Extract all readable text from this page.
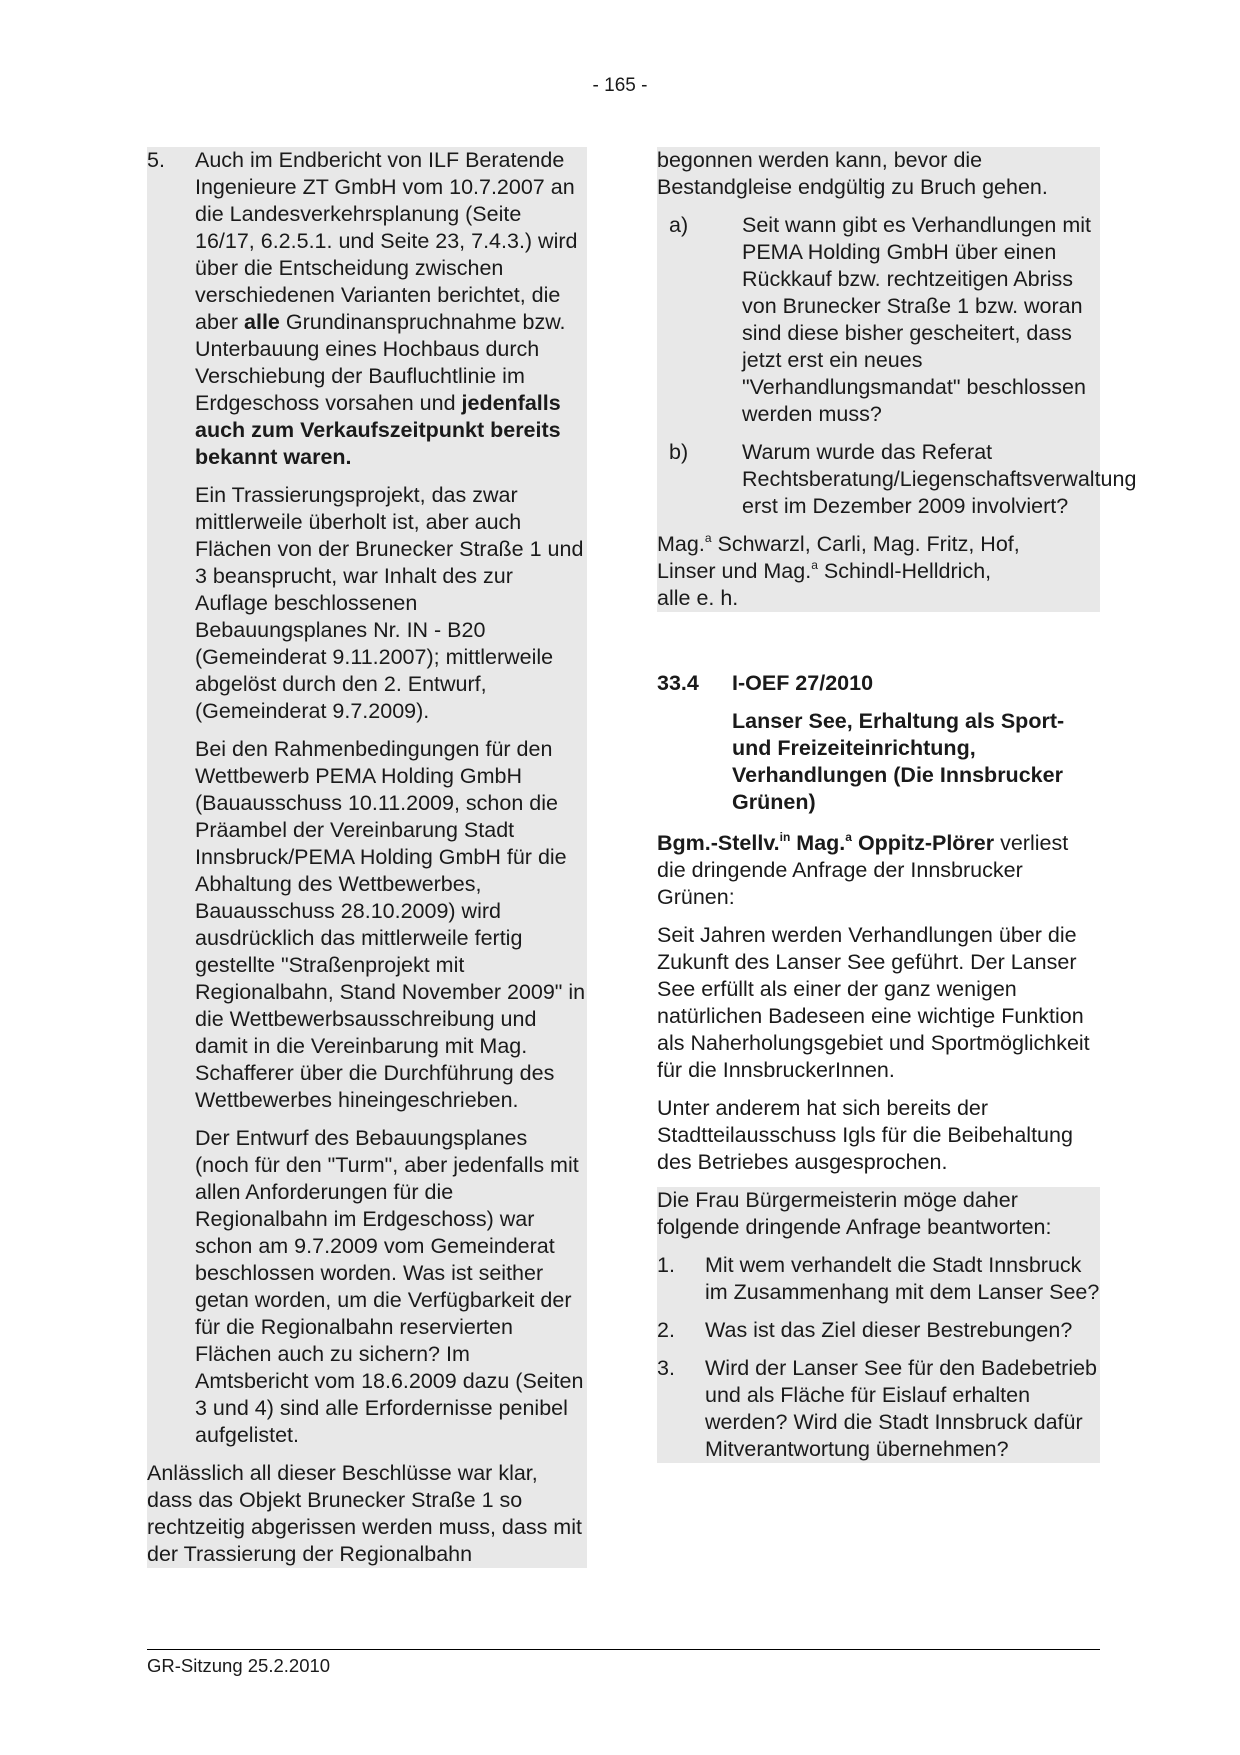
- 165 -
5.	Auch im Endbericht von ILF Beratende Ingenieure ZT GmbH vom 10.7.2007 an die Landesverkehrsplanung (Seite 16/17, 6.2.5.1. und Seite 23, 7.4.3.) wird über die Entscheidung zwischen verschiedenen Varianten berichtet, die aber alle Grundinanspruchnahme bzw. Unterbauung eines Hochbaus durch Verschiebung der Baufluchtlinie im Erdgeschoss vorsahen und jedenfalls auch zum Verkaufszeitpunkt bereits bekannt waren.

Ein Trassierungsprojekt, das zwar mittlerweile überholt ist, aber auch Flächen von der Brunecker Straße 1 und 3 beansprucht, war Inhalt des zur Auflage beschlossenen Bebauungsplanes Nr. IN - B20 (Gemeinderat 9.11.2007); mittlerweile abgelöst durch den 2. Entwurf, (Gemeinderat 9.7.2009).

Bei den Rahmenbedingungen für den Wettbewerb PEMA Holding GmbH (Bauausschuss 10.11.2009, schon die Präambel der Vereinbarung Stadt Innsbruck/PEMA Holding GmbH für die Abhaltung des Wettbewerbes, Bauausschuss 28.10.2009) wird ausdrücklich das mittlerweile fertig gestellte "Straßenprojekt mit Regionalbahn, Stand November 2009" in die Wettbewerbsausschreibung und damit in die Vereinbarung mit Mag. Schafferer über die Durchführung des Wettbewerbes hineingeschrieben.

Der Entwurf des Bebauungsplanes (noch für den "Turm", aber jedenfalls mit allen Anforderungen für die Regionalbahn im Erdgeschoss) war schon am 9.7.2009 vom Gemeinderat beschlossen worden. Was ist seither getan worden, um die Verfügbarkeit der für die Regionalbahn reservierten Flächen auch zu sichern? Im Amtsbericht vom 18.6.2009 dazu (Seiten 3 und 4) sind alle Erfordernisse penibel aufgelistet.

Anlässlich all dieser Beschlüsse war klar, dass das Objekt Brunecker Straße 1 so rechtzeitig abgerissen werden muss, dass mit der Trassierung der Regionalbahn

begonnen werden kann, bevor die Bestandgleise endgültig zu Bruch gehen.

a)	Seit wann gibt es Verhandlungen mit PEMA Holding GmbH über einen Rückkauf bzw. rechtzeitigen Abriss von Brunecker Straße 1 bzw. woran sind diese bisher gescheitert, dass jetzt erst ein neues "Verhandlungsmandat" beschlossen werden muss?
b)	Warum wurde das Referat Rechtsberatung/Liegenschaftsverwaltung erst im Dezember 2009 involviert?

Mag.$^a$ Schwarzl, Carli, Mag. Fritz, Hof,
Linser und Mag.$^a$ Schindl-Helldrich,
alle e. h.

33.4	I-OEF 27/2010

Lanser See, Erhaltung als Sport- und Freizeiteinrichtung, Verhandlungen (Die Innsbrucker Grünen)

Bgm.-Stellv.$^{in}$ Mag.$^a$ Oppitz-Plörer verliest die dringende Anfrage der Innsbrucker Grünen:

Seit Jahren werden Verhandlungen über die Zukunft des Lanser See geführt. Der Lanser See erfüllt als einer der ganz wenigen natürlichen Badeseen eine wichtige Funktion als Naherholungsgebiet und Sportmöglichkeit für die InnsbruckerInnen.

Unter anderem hat sich bereits der Stadtteilausschuss Igls für die Beibehaltung des Betriebes ausgesprochen.

Die Frau Bürgermeisterin möge daher folgende dringende Anfrage beantworten:

1.	Mit wem verhandelt die Stadt Innsbruck im Zusammenhang mit dem Lanser See?
2.	Was ist das Ziel dieser Bestrebungen?
3.	Wird der Lanser See für den Badebetrieb und als Fläche für Eislauf erhalten werden? Wird die Stadt Innsbruck dafür Mitverantwortung übernehmen?
GR-Sitzung 25.2.2010
